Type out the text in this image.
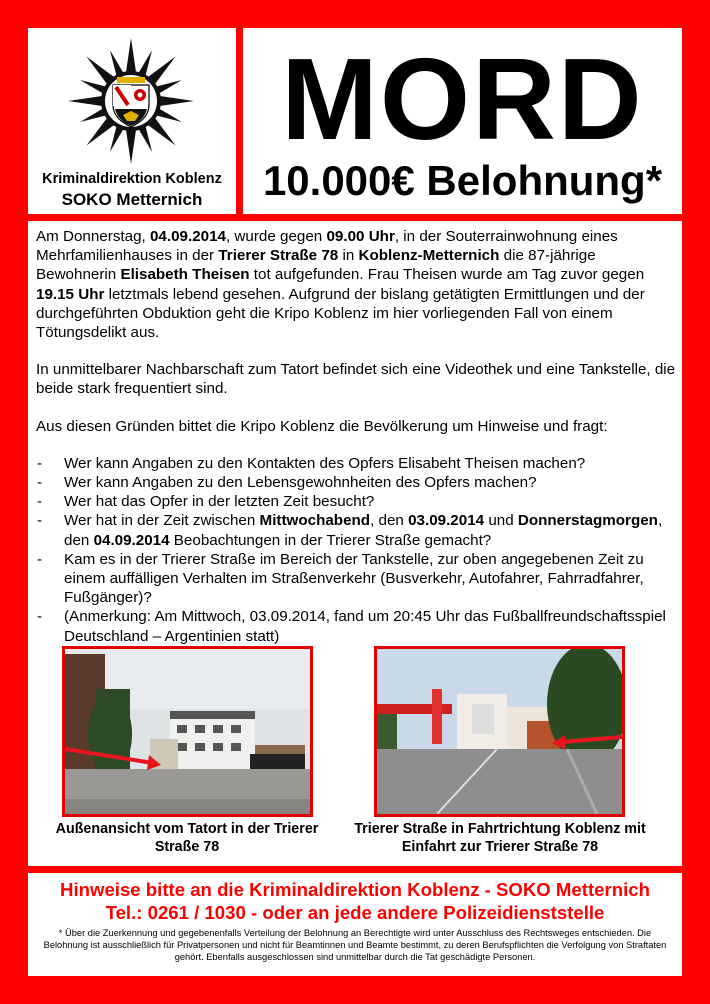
Kriminaldirektion Koblenz
SOKO Metternich
MORD
10.000€ Belohnung*

Am Donnerstag, 04.09.2014, wurde gegen 09.00 Uhr, in der Souterrainwohnung eines Mehrfamilienhauses in der Trierer Straße 78 in Koblenz-Metternich die 87-jährige Bewohnerin Elisabeth Theisen tot aufgefunden. Frau Theisen wurde am Tag zuvor gegen 19.15 Uhr letztmals lebend gesehen. Aufgrund der bislang getätigten Ermittlungen und der durchgeführten Obduktion geht die Kripo Koblenz im hier vorliegenden Fall von einem Tötungsdelikt aus.

In unmittelbarer Nachbarschaft zum Tatort befindet sich eine Videothek und eine Tankstelle, die beide stark frequentiert sind.

Aus diesen Gründen bittet die Kripo Koblenz die Bevölkerung um Hinweise und fragt:

- Wer kann Angaben zu den Kontakten des Opfers Elisabeht Theisen machen?
- Wer kann Angaben zu den Lebensgewohnheiten des Opfers machen?
- Wer hat das Opfer in der letzten Zeit besucht?
- Wer hat in der Zeit zwischen Mittwochabend, den 03.09.2014 und Donnerstagmorgen, den 04.09.2014 Beobachtungen in der Trierer Straße gemacht?
- Kam es in der Trierer Straße im Bereich der Tankstelle, zur oben angegebenen Zeit zu einem auffälligen Verhalten im Straßenverkehr (Busverkehr, Autofahrer, Fahrradfahrer, Fußgänger)?
- (Anmerkung: Am Mittwoch, 03.09.2014, fand um 20:45 Uhr das Fußballfreundschaftsspiel Deutschland – Argentinien statt)
Außenansicht vom Tatort in der Trierer Straße 78
Trierer Straße in Fahrtrichtung Koblenz mit Einfahrt zur Trierer Straße 78
Hinweise bitte an die Kriminaldirektion Koblenz - SOKO Metternich
Tel.: 0261 / 1030 - oder an jede andere Polizeidienststelle
* Über die Zuerkennung und gegebenenfalls Verteilung der Belohnung an Berechtigte wird unter Ausschluss des Rechtsweges entschieden. Die Belohnung ist ausschließlich für Privatpersonen und nicht für Beamtinnen und Beamte bestimmt, zu deren Berufspflichten die Verfolgung von Straftaten gehört. Ebenfalls ausgeschlossen sind unmittelbar durch die Tat geschädigte Personen.
